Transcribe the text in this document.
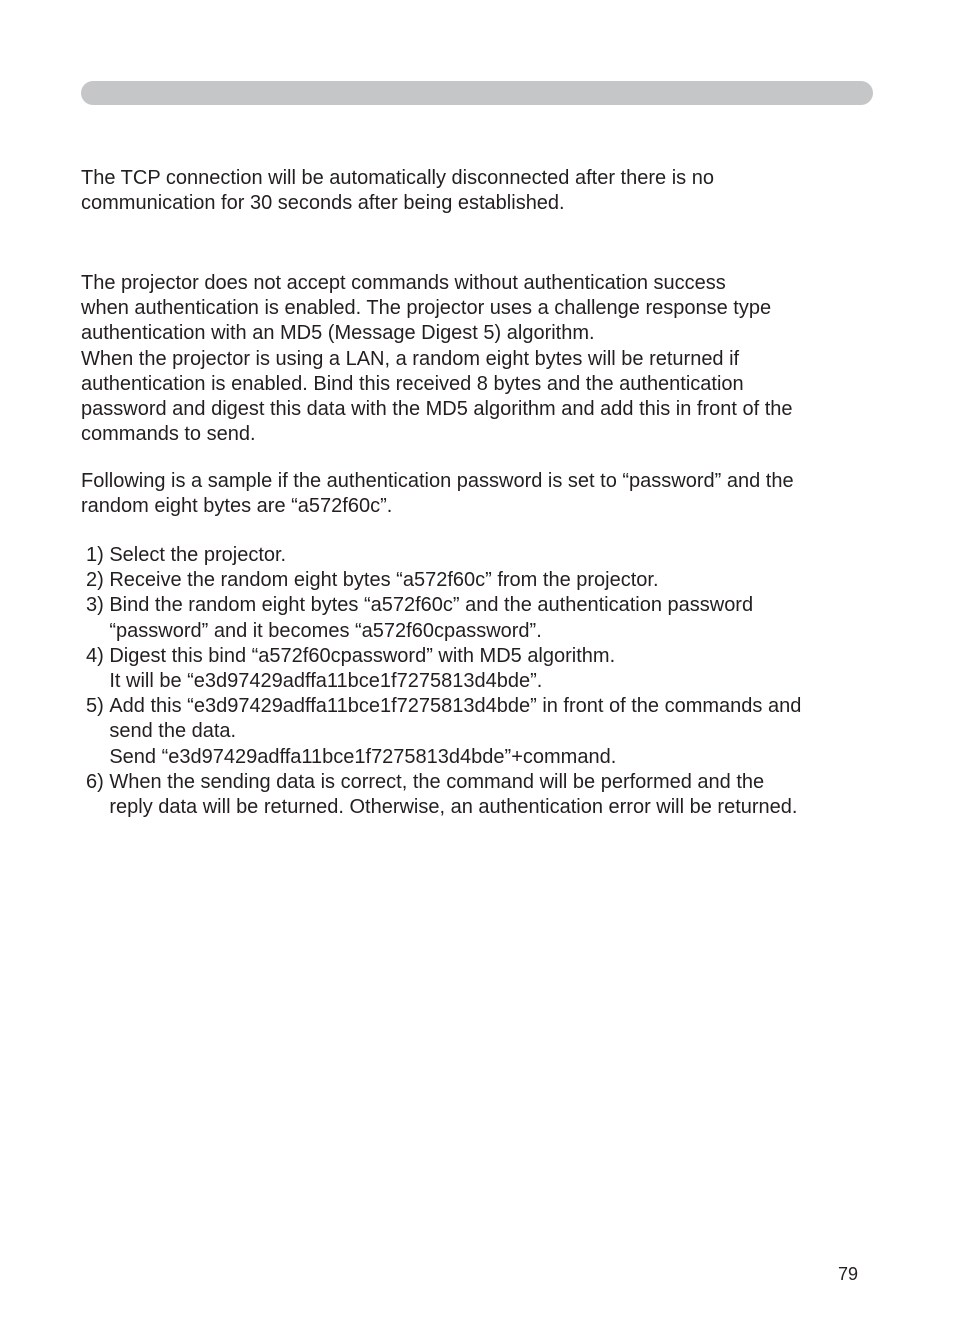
The TCP connection will be automatically disconnected after there is no
communication for 30 seconds after being established.

The projector does not accept commands without authentication success
when authentication is enabled. The projector uses a challenge response type
authentication with an MD5 (Message Digest 5) algorithm.
When the projector is using a LAN, a random eight bytes will be returned if
authentication is enabled. Bind this received 8 bytes and the authentication
password and digest this data with the MD5 algorithm and add this in front of the
commands to send.

Following is a sample if the authentication password is set to “password” and the
random eight bytes are “a572f60c”.

1) Select the projector.
2) Receive the random eight bytes “a572f60c” from the projector.
3) Bind the random eight bytes “a572f60c” and the authentication password
“password” and it becomes “a572f60cpassword”.
4) Digest this bind “a572f60cpassword” with MD5 algorithm.
It will be “e3d97429adffa11bce1f7275813d4bde”.
5) Add this “e3d97429adffa11bce1f7275813d4bde” in front of the commands and
send the data.
Send “e3d97429adffa11bce1f7275813d4bde”+command.
6) When the sending data is correct, the command will be performed and the
reply data will be returned. Otherwise, an authentication error will be returned.
79
